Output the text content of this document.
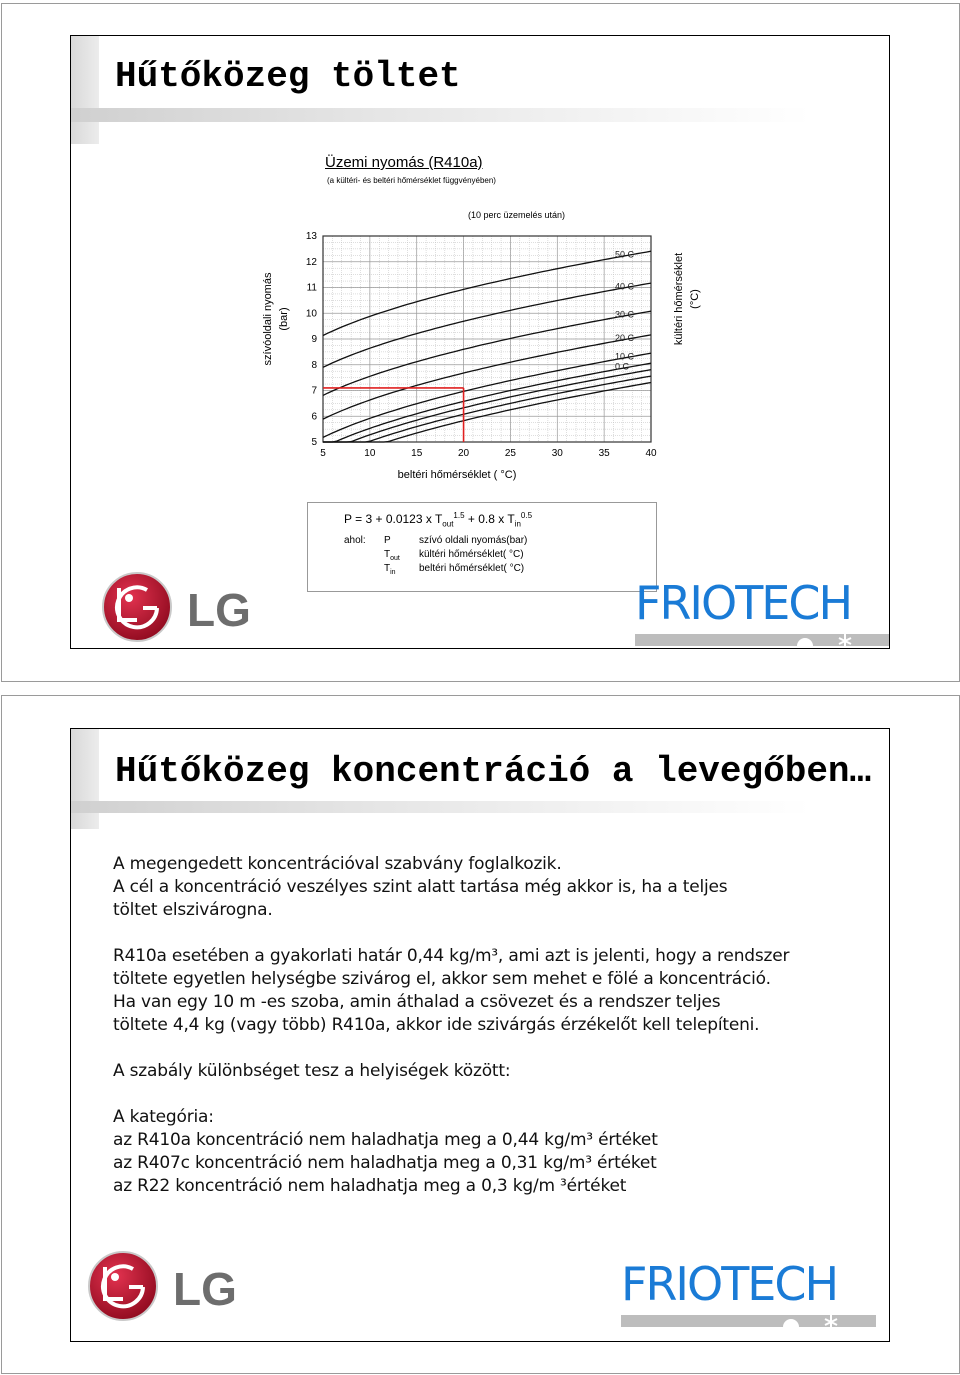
Hűtőközeg töltet
Üzemi nyomás (R410a)
(a kültéri- és beltéri hőmérséklet függvényében)
(10 perc üzemelés után)
5	10	15	20	25	30	35	40
5
6
7
8
9
10
11
12
13
beltéri hőmérséklet ( °C)
szívóoldali nyomás (bar)	kültéri hőmérséklet (°C)
50 C
40 C
30 C
20 C
10 C
0 C
P = 3 + 0.0123 x $T_{out}^{1.5} + 0.8$ x $T_{in}^{0.5}$
ahol: P	szívó oldali nyomás(bar)
$T_{out}$ kültéri hőmérséklet( °C)
$T_{in}$ beltéri hőmérséklet( °C)
LG	FRIOTECH
Hűtőközeg koncentráció a levegőben…
A megengedett koncentrációval szabvány foglalkozik.
A cél a koncentráció veszélyes szint alatt tartása még akkor is, ha a teljes
töltet elszivárogna.
R410a esetében a gyakorlati határ 0,44 kg/m³, ami azt is jelenti, hogy a rendszer
töltete egyetlen helységbe szivárog el, akkor sem mehet e fölé a koncentráció.
Ha van egy 10 m -es szoba, amin áthalad a csövezet és a rendszer teljes
töltete 4,4 kg (vagy több) R410a, akkor ide szivárgás érzékelőt kell telepíteni.
A szabály különbséget tesz a helyiségek között:
A kategória:
az R410a koncentráció nem haladhatja meg a 0,44 kg/m³ értéket
az R407c koncentráció nem haladhatja meg a 0,31 kg/m³ értéket
az R22 koncentráció nem haladhatja meg a 0,3 kg/m ³értéket
LG	FRIOTECH
